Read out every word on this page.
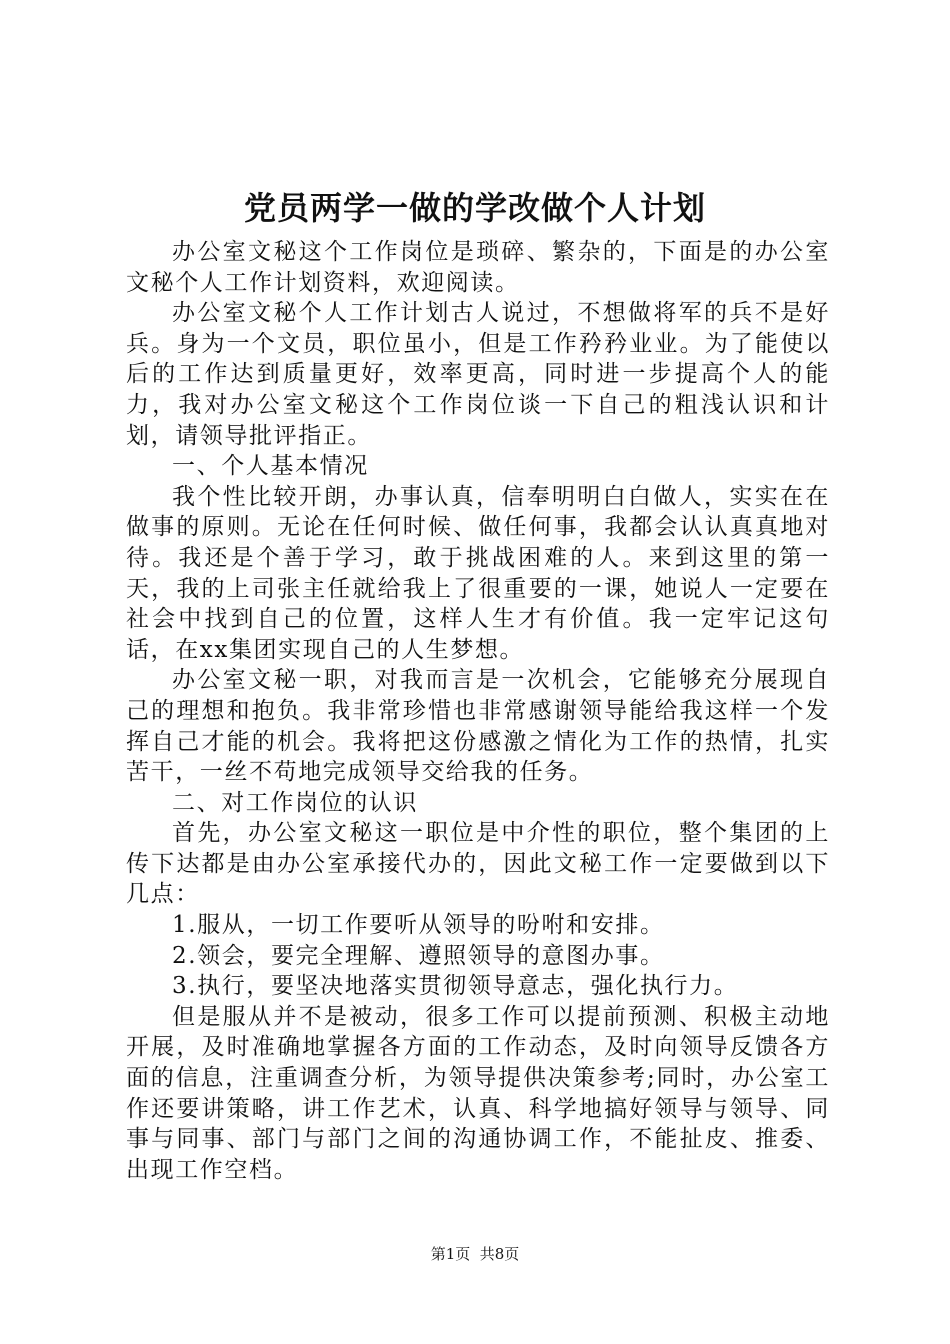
党员两学一做的学改做个人计划

办公室文秘这个工作岗位是琐碎、繁杂的，下面是的办公室文秘个人工作计划资料，欢迎阅读。

办公室文秘个人工作计划古人说过，不想做将军的兵不是好兵。身为一个文员，职位虽小，但是工作矜矜业业。为了能使以后的工作达到质量更好，效率更高，同时进一步提高个人的能力，我对办公室文秘这个工作岗位谈一下自己的粗浅认识和计划，请领导批评指正。

一、个人基本情况

我个性比较开朗，办事认真，信奉明明白白做人，实实在在做事的原则。无论在任何时候、做任何事，我都会认认真真地对待。我还是个善于学习，敢于挑战困难的人。来到这里的第一天，我的上司张主任就给我上了很重要的一课，她说人一定要在社会中找到自己的位置，这样人生才有价值。我一定牢记这句话，在xx集团实现自己的人生梦想。

办公室文秘一职，对我而言是一次机会，它能够充分展现自己的理想和抱负。我非常珍惜也非常感谢领导能给我这样一个发挥自己才能的机会。我将把这份感激之情化为工作的热情，扎实苦干，一丝不苟地完成领导交给我的任务。

二、对工作岗位的认识

首先，办公室文秘这一职位是中介性的职位，整个集团的上传下达都是由办公室承接代办的，因此文秘工作一定要做到以下几点：

1.服从，一切工作要听从领导的吩咐和安排。

2.领会，要完全理解、遵照领导的意图办事。

3.执行，要坚决地落实贯彻领导意志，强化执行力。

但是服从并不是被动，很多工作可以提前预测、积极主动地开展，及时准确地掌握各方面的工作动态，及时向领导反馈各方面的信息，注重调查分析，为领导提供决策参考;同时，办公室工作还要讲策略，讲工作艺术，认真、科学地搞好领导与领导、同事与同事、部门与部门之间的沟通协调工作，不能扯皮、推委、出现工作空档。

第1页  共8页
